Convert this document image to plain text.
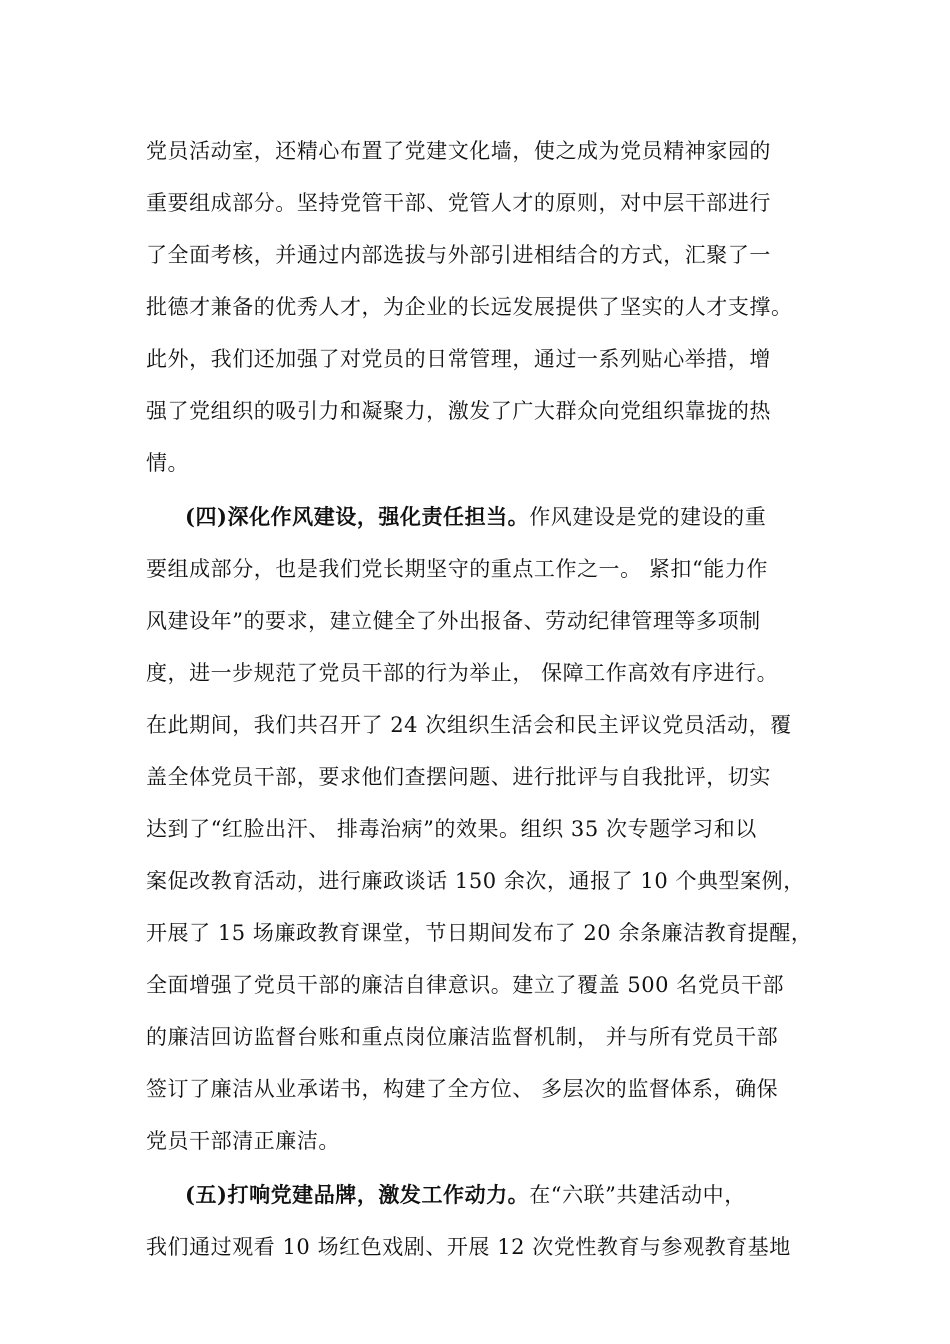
党员活动室，还精心布置了党建文化墙，使之成为党员精神家园的
重要组成部分。坚持党管干部、党管人才的原则，对中层干部进行
了全面考核，并通过内部选拔与外部引进相结合的方式，汇聚了一
批德才兼备的优秀人才，为企业的长远发展提供了坚实的人才支撑。
此外，我们还加强了对党员的日常管理，通过一系列贴心举措，增
强了党组织的吸引力和凝聚力，激发了广大群众向党组织靠拢的热
情。
(四)深化作风建设，强化责任担当。作风建设是党的建设的重
要组成部分，也是我们党长期坚守的重点工作之一。 紧扣“能力作
风建设年”的要求，建立健全了外出报备、劳动纪律管理等多项制
度，进一步规范了党员干部的行为举止， 保障工作高效有序进行。
在此期间，我们共召开了 24 次组织生活会和民主评议党员活动，覆
盖全体党员干部，要求他们查摆问题、进行批评与自我批评，切实
达到了“红脸出汗、 排毒治病”的效果。组织 35 次专题学习和以
案促改教育活动，进行廉政谈话 150 余次，通报了 10 个典型案例，
开展了 15 场廉政教育课堂，节日期间发布了 20 余条廉洁教育提醒，
全面增强了党员干部的廉洁自律意识。建立了覆盖 500 名党员干部
的廉洁回访监督台账和重点岗位廉洁监督机制， 并与所有党员干部
签订了廉洁从业承诺书，构建了全方位、 多层次的监督体系，确保
党员干部清正廉洁。
(五)打响党建品牌，激发工作动力。在“六联”共建活动中，
我们通过观看 10 场红色戏剧、开展 12 次党性教育与参观教育基地
